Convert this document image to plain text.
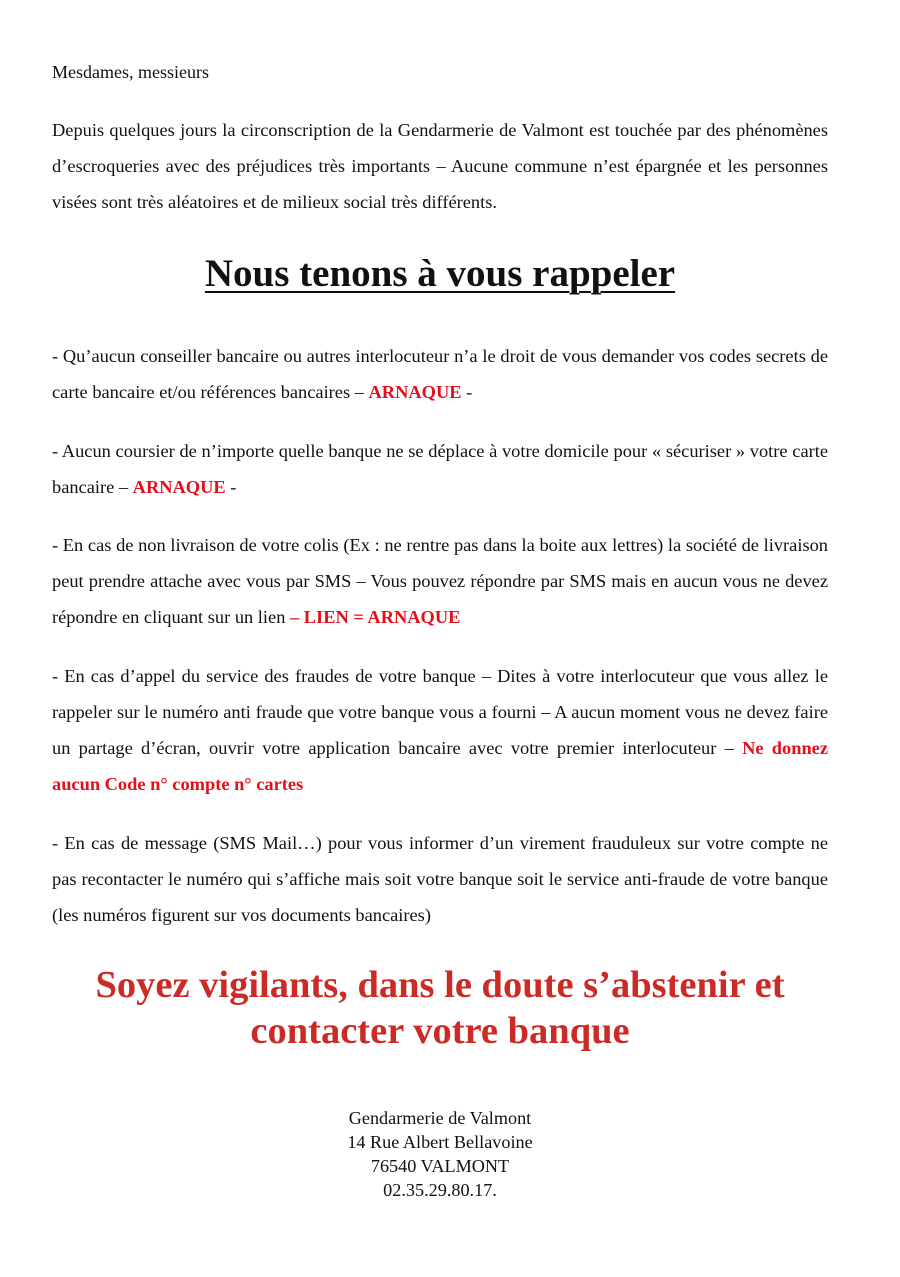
Mesdames, messieurs

Depuis quelques jours la circonscription de la Gendarmerie de Valmont est touchée par des phénomènes d’escroqueries avec des préjudices très importants – Aucune commune n’est épargnée et les personnes visées sont très aléatoires et de milieux social très différents.

Nous tenons à vous rappeler

- Qu’aucun conseiller bancaire ou autres interlocuteur n’a le droit de vous demander vos codes secrets de carte bancaire et/ou références bancaires – ARNAQUE -

- Aucun coursier de n’importe quelle banque ne se déplace à votre domicile pour « sécuriser » votre carte bancaire – ARNAQUE -

- En cas de non livraison de votre colis (Ex : ne rentre pas dans la boite aux lettres) la société de livraison peut prendre attache avec vous par SMS – Vous pouvez répondre par SMS mais en aucun vous ne devez répondre en cliquant sur un lien – LIEN = ARNAQUE

- En cas d’appel du service des fraudes de votre banque – Dites à votre interlocuteur que vous allez le rappeler sur le numéro anti fraude que votre banque vous a fourni – A aucun moment vous ne devez faire un partage d’écran, ouvrir votre application bancaire avec votre premier interlocuteur – Ne donnez aucun Code n° compte n° cartes

- En cas de message (SMS Mail…) pour vous informer d’un virement frauduleux sur votre compte ne pas recontacter le numéro qui s’affiche mais soit votre banque soit le service anti-fraude de votre banque (les numéros figurent sur vos documents bancaires)

Soyez vigilants, dans le doute s’abstenir et
contacter votre banque
Gendarmerie de Valmont
14 Rue Albert Bellavoine
76540 VALMONT
02.35.29.80.17.
